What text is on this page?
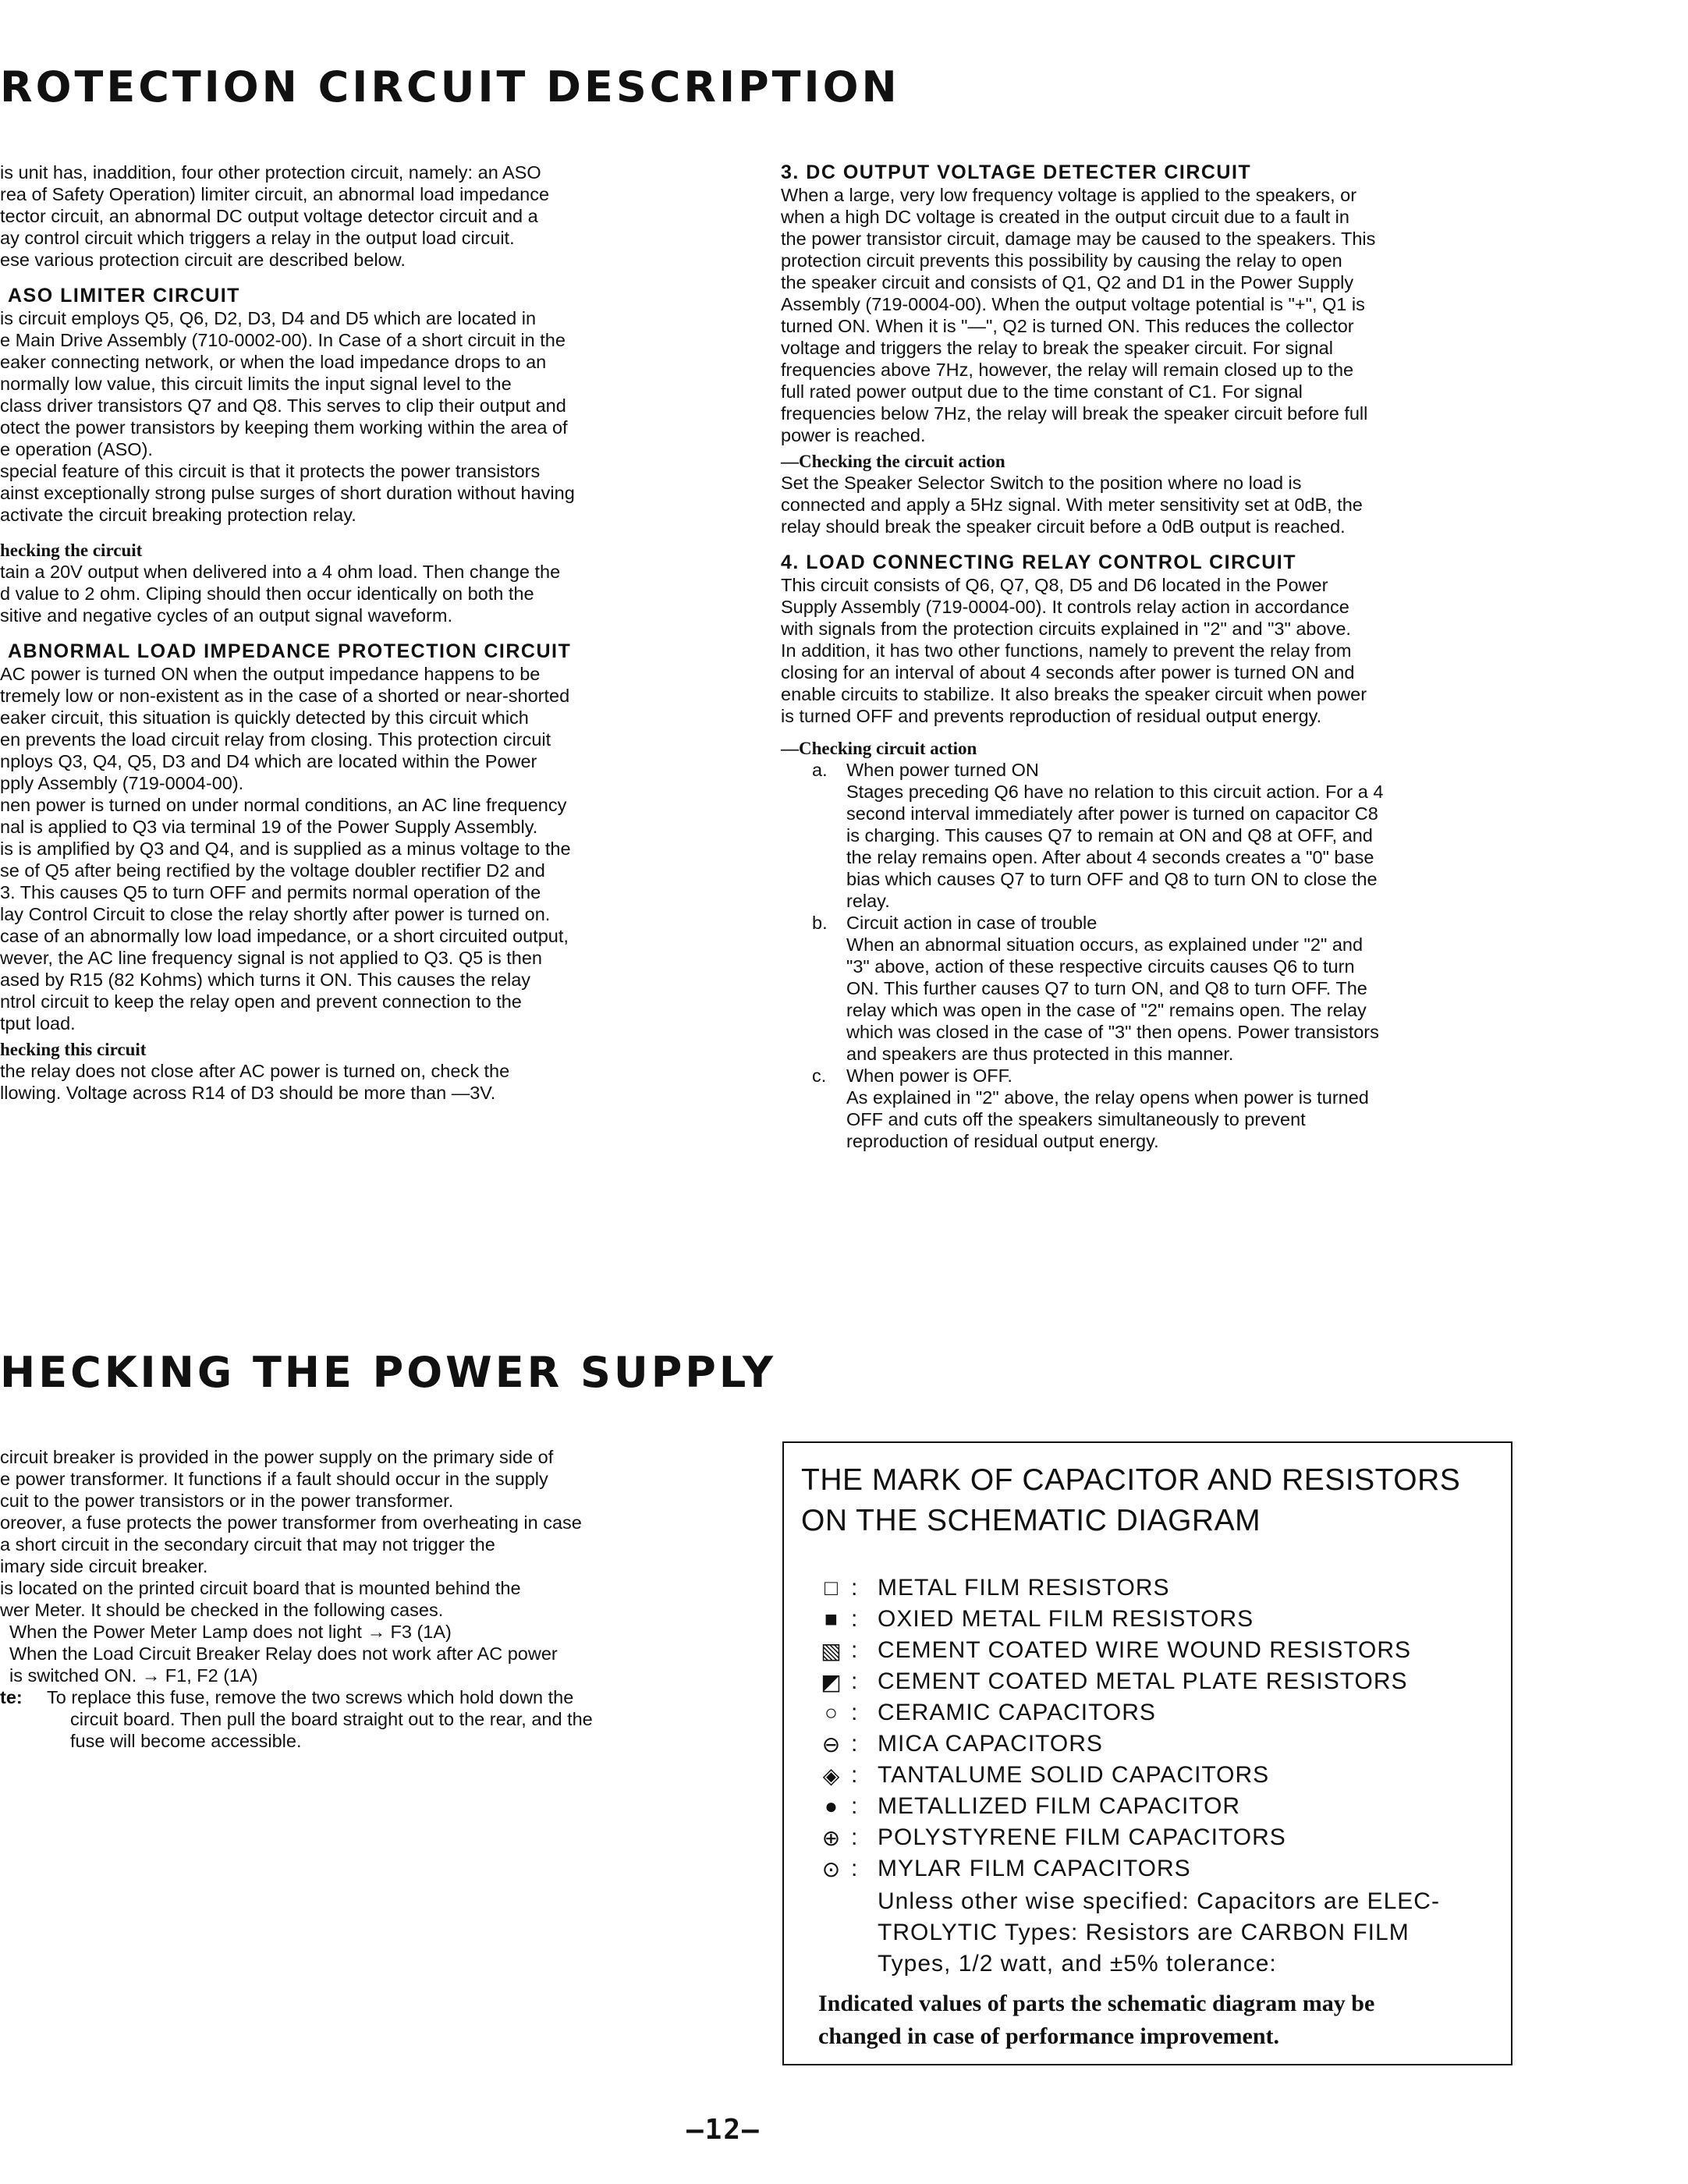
ROTECTION CIRCUIT DESCRIPTION
HECKING THE POWER SUPPLY

is unit has, inaddition, four other protection circuit, namely: an ASO

rea of Safety Operation) limiter circuit, an abnormal load impedance

tector circuit, an abnormal DC output voltage detector circuit and a

ay control circuit which triggers a relay in the output load circuit.

ese various protection circuit are described below.

ASO LIMITER CIRCUIT

is circuit employs Q5, Q6, D2, D3, D4 and D5 which are located in

e Main Drive Assembly (710-0002-00). In Case of a short circuit in the

eaker connecting network, or when the load impedance drops to an

normally low value, this circuit limits the input signal level to the

class driver transistors Q7 and Q8. This serves to clip their output and

otect the power transistors by keeping them working within the area of

e operation (ASO).

special feature of this circuit is that it protects the power transistors

ainst exceptionally strong pulse surges of short duration without having

activate the circuit breaking protection relay.

hecking the circuit

tain a 20V output when delivered into a 4 ohm load. Then change the

d value to 2 ohm. Cliping should then occur identically on both the

sitive and negative cycles of an output signal waveform.

ABNORMAL LOAD IMPEDANCE PROTECTION CIRCUIT

AC power is turned ON when the output impedance happens to be

tremely low or non-existent as in the case of a shorted or near-shorted

eaker circuit, this situation is quickly detected by this circuit which

en prevents the load circuit relay from closing. This protection circuit

nploys Q3, Q4, Q5, D3 and D4 which are located within the Power

pply Assembly (719-0004-00).

nen power is turned on under normal conditions, an AC line frequency

nal is applied to Q3 via terminal 19 of the Power Supply Assembly.

is is amplified by Q3 and Q4, and is supplied as a minus voltage to the

se of Q5 after being rectified by the voltage doubler rectifier D2 and

3. This causes Q5 to turn OFF and permits normal operation of the

lay Control Circuit to close the relay shortly after power is turned on.

case of an abnormally low load impedance, or a short circuited output,

wever, the AC line frequency signal is not applied to Q3. Q5 is then

ased by R15 (82 Kohms) which turns it ON. This causes the relay

ntrol circuit to keep the relay open and prevent connection to the

tput load.

hecking this circuit

the relay does not close after AC power is turned on, check the

llowing. Voltage across R14 of D3 should be more than —3V.

3. DC OUTPUT VOLTAGE DETECTER CIRCUIT

When a large, very low frequency voltage is applied to the speakers, or

when a high DC voltage is created in the output circuit due to a fault in

the power transistor circuit, damage may be caused to the speakers. This

protection circuit prevents this possibility by causing the relay to open

the speaker circuit and consists of Q1, Q2 and D1 in the Power Supply

Assembly (719-0004-00). When the output voltage potential is "+", Q1 is

turned ON. When it is "—", Q2 is turned ON. This reduces the collector

voltage and triggers the relay to break the speaker circuit. For signal

frequencies above 7Hz, however, the relay will remain closed up to the

full rated power output due to the time constant of C1. For signal

frequencies below 7Hz, the relay will break the speaker circuit before full

power is reached.

—Checking the circuit action

Set the Speaker Selector Switch to the position where no load is

connected and apply a 5Hz signal. With meter sensitivity set at 0dB, the

relay should break the speaker circuit before a 0dB output is reached.

4. LOAD CONNECTING RELAY CONTROL CIRCUIT

This circuit consists of Q6, Q7, Q8, D5 and D6 located in the Power

Supply Assembly (719-0004-00). It controls relay action in accordance

with signals from the protection circuits explained in "2" and "3" above.

In addition, it has two other functions, namely to prevent the relay from

closing for an interval of about 4 seconds after power is turned ON and

enable circuits to stabilize. It also breaks the speaker circuit when power

is turned OFF and prevents reproduction of residual output energy.

—Checking circuit action
a. When power turned ON

Stages preceding Q6 have no relation to this circuit action. For a 4

second interval immediately after power is turned on capacitor C8

is charging. This causes Q7 to remain at ON and Q8 at OFF, and

the relay remains open. After about 4 seconds creates a "0" base

bias which causes Q7 to turn OFF and Q8 to turn ON to close the

relay.

b. Circuit action in case of trouble

When an abnormal situation occurs, as explained under "2" and

"3" above, action of these respective circuits causes Q6 to turn

ON. This further causes Q7 to turn ON, and Q8 to turn OFF. The

relay which was open in the case of "2" remains open. The relay

which was closed in the case of "3" then opens. Power transistors

and speakers are thus protected in this manner.

c. When power is OFF.

As explained in "2" above, the relay opens when power is turned

OFF and cuts off the speakers simultaneously to prevent

reproduction of residual output energy.

circuit breaker is provided in the power supply on the primary side of

e power transformer. It functions if a fault should occur in the supply

cuit to the power transistors or in the power transformer.

oreover, a fuse protects the power transformer from overheating in case

a short circuit in the secondary circuit that may not trigger the

imary side circuit breaker.

is located on the printed circuit board that is mounted behind the

wer Meter. It should be checked in the following cases.

When the Power Meter Lamp does not light → F3 (1A)

When the Load Circuit Breaker Relay does not work after AC power

is switched ON. → F1, F2 (1A)

te: To replace this fuse, remove the two screws which hold down the

circuit board. Then pull the board straight out to the rear, and the

fuse will become accessible.

THE MARK OF CAPACITOR AND RESISTORS
ON THE SCHEMATIC DIAGRAM
□ : METAL FILM RESISTORS
■ : OXIED METAL FILM RESISTORS
▧ : CEMENT COATED WIRE WOUND RESISTORS
◩ : CEMENT COATED METAL PLATE RESISTORS
○ : CERAMIC CAPACITORS
⊖ : MICA CAPACITORS
◈ : TANTALUME SOLID CAPACITORS
● : METALLIZED FILM CAPACITOR
⊕ : POLYSTYRENE FILM CAPACITORS
⊙ : MYLAR FILM CAPACITORS
Unless other wise specified: Capacitors are ELEC-
TROLYTIC Types: Resistors are CARBON FILM
Types, 1/2 watt, and ±5% tolerance:
Indicated values of parts the schematic diagram may be
changed in case of performance improvement.
—12—
